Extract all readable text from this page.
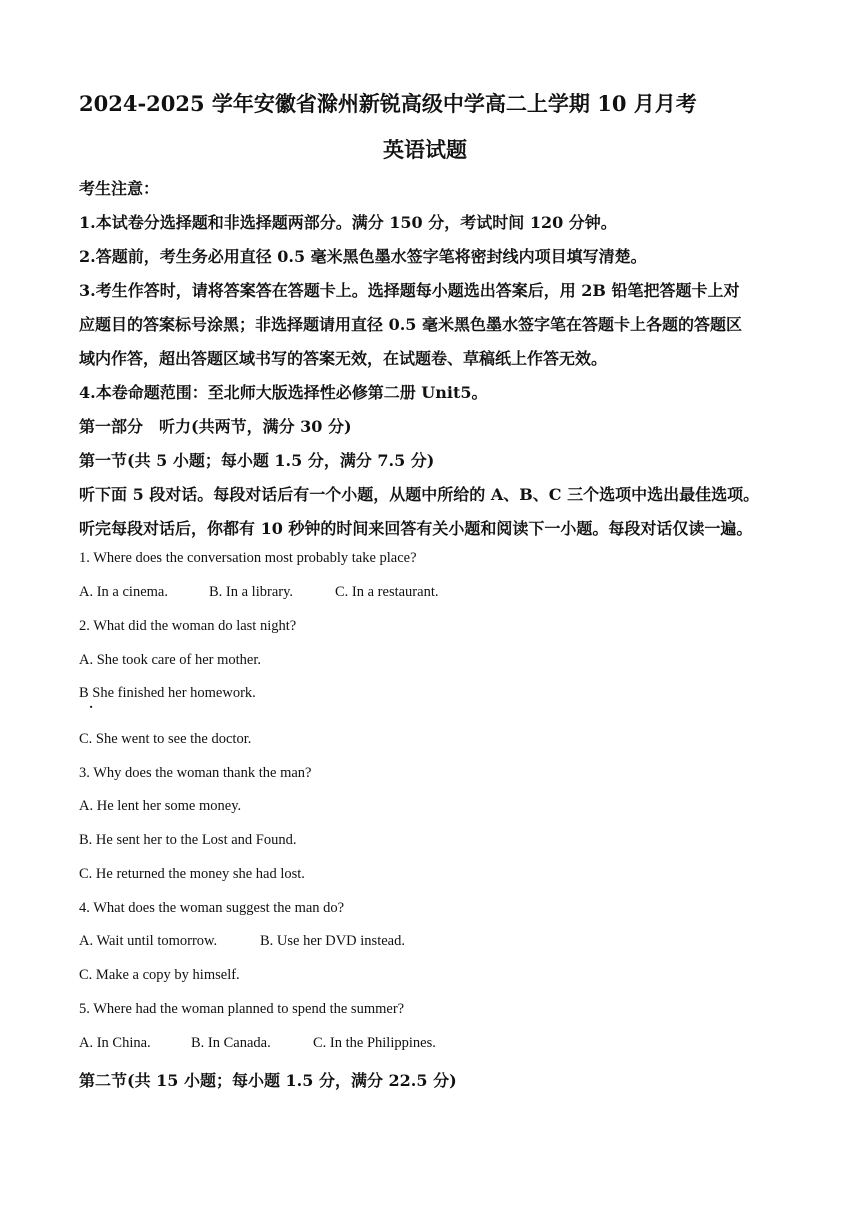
2024-2025 学年安徽省滁州新锐高级中学高二上学期 10 月月考
英语试题
考生注意：
1.本试卷分选择题和非选择题两部分。满分 150 分，考试时间 120 分钟。
2.答题前，考生务必用直径 0.5 毫米黑色墨水签字笔将密封线内项目填写清楚。
3.考生作答时，请将答案答在答题卡上。选择题每小题选出答案后，用 2B 铅笔把答题卡上对
应题目的答案标号涂黑；非选择题请用直径 0.5 毫米黑色墨水签字笔在答题卡上各题的答题区
域内作答，超出答题区域书写的答案无效，在试题卷、草稿纸上作答无效。
4.本卷命题范围：至北师大版选择性必修第二册 Unit5。
第一部分　听力(共两节，满分 30 分)
第一节(共 5 小题；每小题 1.5 分，满分 7.5 分)
听下面 5 段对话。每段对话后有一个小题，从题中所给的 A、B、C 三个选项中选出最佳选项。
听完每段对话后，你都有 10 秒钟的时间来回答有关小题和阅读下一小题。每段对话仅读一遍。
1. Where does the conversation most probably take place?
A. In a cinema.	B. In a library.	C. In a restaurant.
2. What did the woman do last night?
A. She took care of her mother.
B She finished her homework.
·
C. She went to see the doctor.
3. Why does the woman thank the man?
A. He lent her some money.
B. He sent her to the Lost and Found.
C. He returned the money she had lost.
4. What does the woman suggest the man do?
A. Wait until tomorrow.	B. Use her DVD instead.
C. Make a copy by himself.
5. Where had the woman planned to spend the summer?
A. In China.	B. In Canada.	C. In the Philippines.
第二节(共 15 小题；每小题 1.5 分，满分 22.5 分)
